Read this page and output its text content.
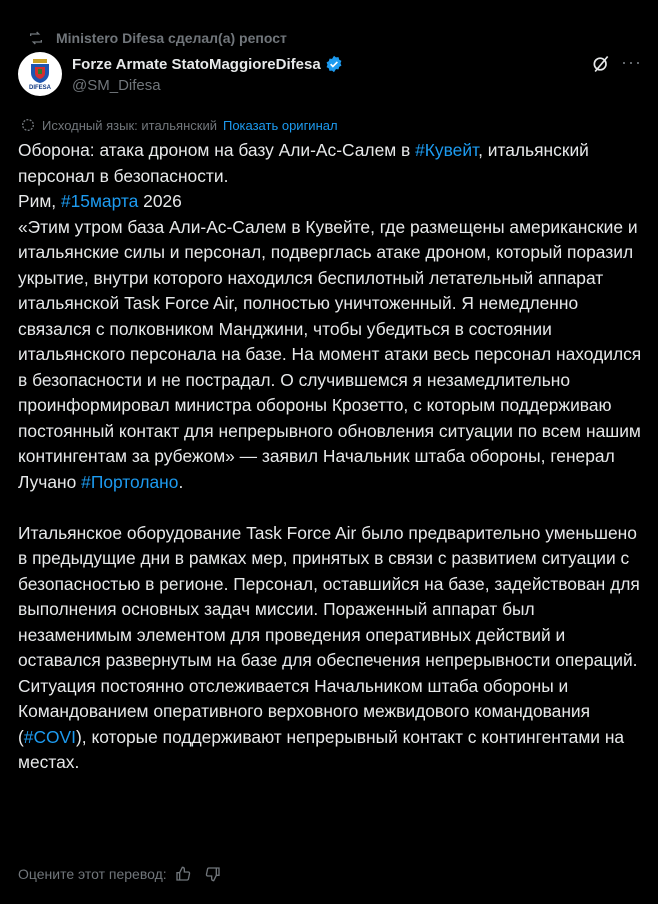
Ministero Difesa сделал(а) репост
DIFESA
Forze Armate StatoMaggioreDifesa
@SM_Difesa
···
Исходный язык: итальянский Показать оригинал

Оборона: атака дроном на базу Али-Ас-Салем в #Кувейт, итальянский персонал в безопасности.

Рим, #15марта 2026

«Этим утром база Али-Ас-Салем в Кувейте, где размещены американские и итальянские силы и персонал, подверглась атаке дроном, который поразил укрытие, внутри которого находился беспилотный летательный аппарат итальянской Task Force Air, полностью уничтоженный. Я немедленно связался с полковником Манджини, чтобы убедиться в состоянии итальянского персонала на базе. На момент атаки весь персонал находился в безопасности и не пострадал. О случившемся я незамедлительно проинформировал министра обороны Крозетто, с которым поддерживаю постоянный контакт для непрерывного обновления ситуации по всем нашим контингентам за рубежом» — заявил Начальник штаба обороны, генерал Лучано #Портолано.

Итальянское оборудование Task Force Air было предварительно уменьшено в предыдущие дни в рамках мер, принятых в связи с развитием ситуации с безопасностью в регионе. Персонал, оставшийся на базе, задействован для выполнения основных задач миссии. Пораженный аппарат был незаменимым элементом для проведения оперативных действий и оставался развернутым на базе для обеспечения непрерывности операций.

Ситуация постоянно отслеживается Начальником штаба обороны и Командованием оперативного верховного межвидового командования (#COVI), которые поддерживают непрерывный контакт с контингентами на местах.

Оцените этот перевод:
